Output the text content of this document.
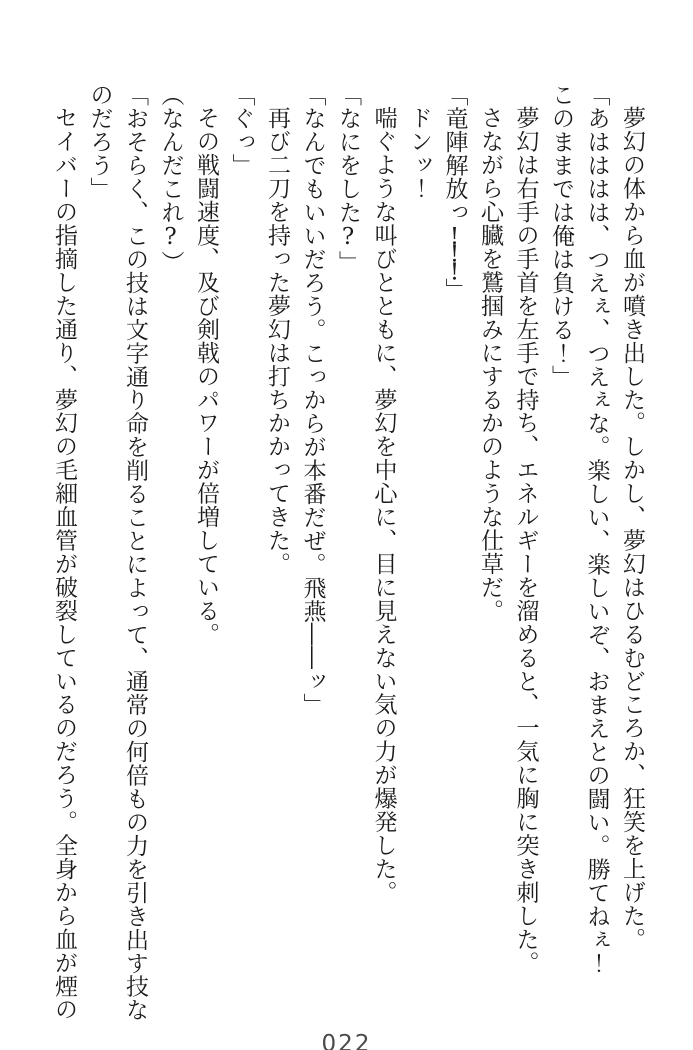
夢幻の体から血が噴き出した。しかし、夢幻はひるむどころか、狂笑を上げた。

「あはははは、つえぇ、つえぇな。楽しい、楽しいぞ、おまえとの闘い。勝てねぇ！

このままでは俺は負ける！」

夢幻は右手の手首を左手で持ち、エネルギーを溜めると、一気に胸に突き刺した。

さながら心臓を鷲掴みにするかのような仕草だ。

「竜陣解放っ!!!」

ドンッ！

喘ぐような叫びとともに、夢幻を中心に、目に見えない気の力が爆発した。

「なにをした?」

「なんでもいいだろう。こっからが本番だぜ。飛燕――ッ」

再び二刀を持った夢幻は打ちかかってきた。

「ぐっ」

その戦闘速度、及び剣戟のパワーが倍増している。

（なんだこれ?）

「おそらく、この技は文字通り命を削ることによって、通常の何倍もの力を引き出す技な

のだろう」

セイバーの指摘した通り、夢幻の毛細血管が破裂しているのだろう。全身から血が煙の

022
